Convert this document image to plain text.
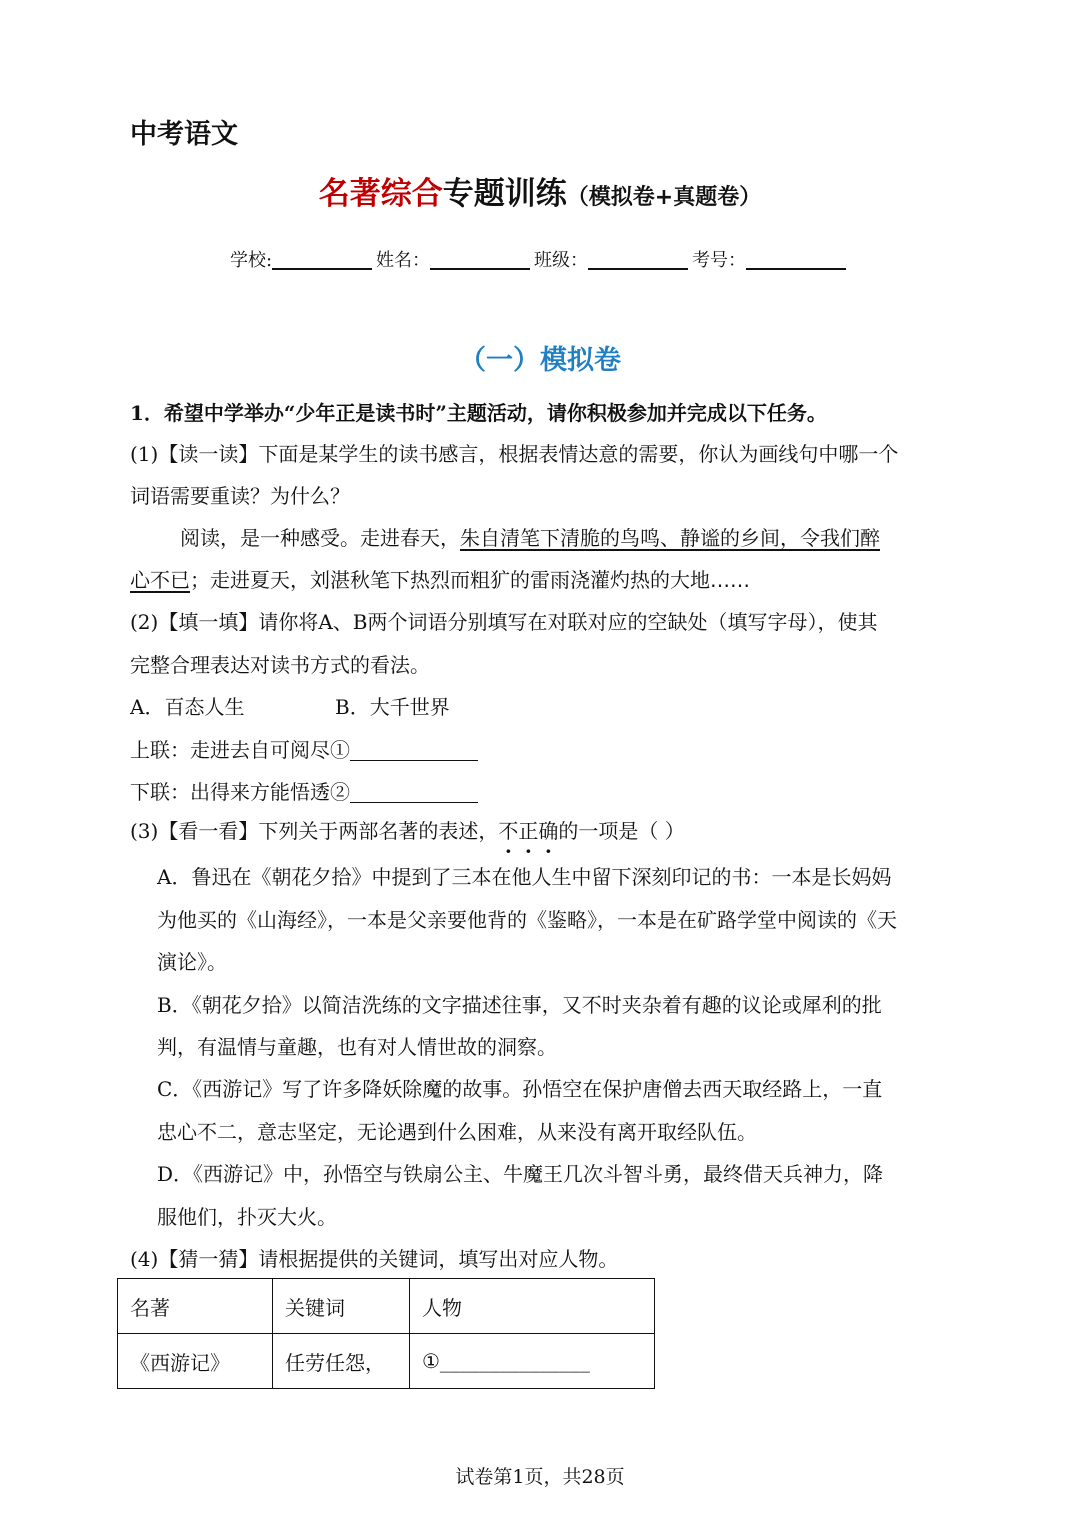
中考语文
名著综合专题训练（模拟卷+真题卷）
学校:	姓名：	班级：	考号：
（一）模拟卷
1．希望中学举办“少年正是读书时”主题活动，请你积极参加并完成以下任务。
(1)【读一读】下面是某学生的读书感言，根据表情达意的需要，你认为画线句中哪一个
词语需要重读？为什么？
阅读，是一种感受。走进春天，朱自清笔下清脆的鸟鸣、静谧的乡间，令我们醉
心不已；走进夏天，刘湛秋笔下热烈而粗犷的雷雨浇灌灼热的大地……
(2)【填一填】请你将A、B两个词语分别填写在对联对应的空缺处（填写字母），使其
完整合理表达对读书方式的看法。
A．百态人生	B．大千世界
上联：走进去自可阅尽①
下联：出得来方能悟透②
(3)【看一看】下列关于两部名著的表述，不正确的一项是（ ）
A．鲁迅在《朝花夕拾》中提到了三本在他人生中留下深刻印记的书：一本是长妈妈
为他买的《山海经》，一本是父亲要他背的《鉴略》，一本是在矿路学堂中阅读的《天
演论》。
B．《朝花夕拾》以简洁洗练的文字描述往事，又不时夹杂着有趣的议论或犀利的批
判，有温情与童趣，也有对人情世故的洞察。
C．《西游记》写了许多降妖除魔的故事。孙悟空在保护唐僧去西天取经路上，一直
忠心不二，意志坚定，无论遇到什么困难，从来没有离开取经队伍。
D．《西游记》中，孙悟空与铁扇公主、牛魔王几次斗智斗勇，最终借天兵神力，降
服他们，扑灭大火。
(4)【猜一猜】请根据提供的关键词，填写出对应人物。
名著	关键词	人物
《西游记》	任劳任怨，	①_______________
试卷第1页，共28页
